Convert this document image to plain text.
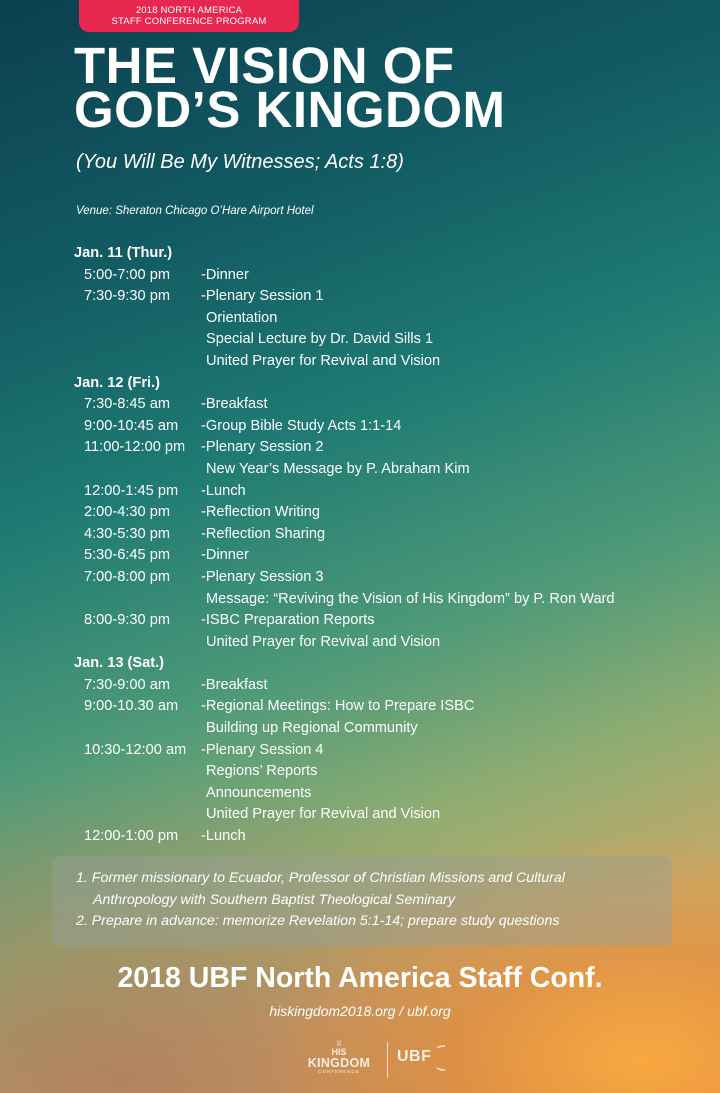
2018 NORTH AMERICA
STAFF CONFERENCE PROGRAM
THE VISION OF
GOD’S KINGDOM
(You Will Be My Witnesses; Acts 1:8)
Venue: Sheraton Chicago O’Hare Airport Hotel
Jan. 11 (Thur.)
5:00-7:00 pm -Dinner
7:30-9:30 pm -Plenary Session 1
Orientation
Special Lecture by Dr. David Sills 1
United Prayer for Revival and Vision
Jan. 12 (Fri.)
7:30-8:45 am -Breakfast
9:00-10:45 am -Group Bible Study Acts 1:1-14
11:00-12:00 pm -Plenary Session 2
New Year’s Message by P. Abraham Kim
12:00-1:45 pm -Lunch
2:00-4:30 pm -Reflection Writing
4:30-5:30 pm -Reflection Sharing
5:30-6:45 pm -Dinner
7:00-8:00 pm -Plenary Session 3
Message: “Reviving the Vision of His Kingdom” by P. Ron Ward
8:00-9:30 pm -ISBC Preparation Reports
United Prayer for Revival and Vision
Jan. 13 (Sat.)
7:30-9:00 am -Breakfast
9:00-10.30 am -Regional Meetings: How to Prepare ISBC
Building up Regional Community
10:30-12:00 am -Plenary Session 4
Regions’ Reports
Announcements
United Prayer for Revival and Vision
12:00-1:00 pm -Lunch
1. Former missionary to Ecuador, Professor of Christian Missions and Cultural
Anthropology with Southern Baptist Theological Seminary
2. Prepare in advance: memorize Revelation 5:1-14; prepare study questions
2018 UBF North America Staff Conf.
hiskingdom2018.org / ubf.org
♕
HIS
KINGDOM
CONFERENCE
UBF
